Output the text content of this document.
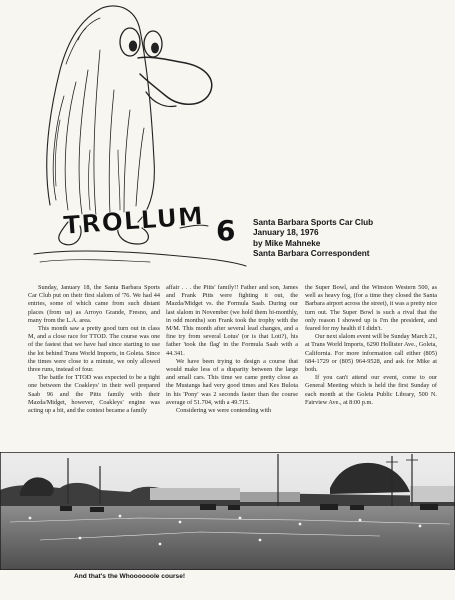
TROLLUM 6 Santa Barbara Sports Car Club
January 18, 1976
by Mike Mahneke
Santa Barbara Correspondent

Sunday, January 18, the Santa Barbara Sports Car Club put on their first slalom of '76. We had 44 entries, some of which came from such distant places (from us) as Arroyo Grande, Fresno, and many from the L.A. area.

This month saw a pretty good turn out in class M, and a close race for TTOD. The course was one of the fastest that we have had since starting to use the lot behind Trans World Imports, in Goleta. Since the times were close to a minute, we only allowed three runs, instead of four.

The battle for TTOD was expected to be a tight one between the Coakleys' in their well prepared Saab 96 and the Pitts family with their Mazda/Midget, however, Coakleys' engine was acting up a bit, and the contest became a family

affair . . . the Pitts' family!! Father and son, James and Frank Pitts were fighting it out, the Mazda/Midget vs. the Formula Saab. During our last slalom in November (we hold them bi-monthly, in odd months) son Frank took the trophy with the M/M. This month after several lead changes, and a fine try from several Lotus' (or is that Loti?), his father 'took the flag' in the Formula Saab with a 44.341.

We have been trying to design a course that would make less of a disparity between the large and small cars. This time we came pretty close as the Mustangs had very good times and Kes Bulota in his 'Pony' was 2 seconds faster than the course average of 51.704, with a 49.715.

Considering we were contending with

the Super Bowl, and the Winston Western 500, as well as heavy fog, (for a time they closed the Santa Barbara airport across the street), it was a pretty nice turn out. The Super Bowl is such a rival that the only reason I showed up is I'm the president, and feared for my health if I didn't.

Our next slalom event will be Sunday March 21, at Trans World Imports, 6290 Hollister Ave., Goleta, California. For more information call either (805) 684-1729 or (805) 964-9528, and ask for Mike at both.

If you can't attend our event, come to our General Meeting which is held the first Sunday of each month at the Goleta Public Library, 500 N. Fairview Ave., at 8:00 p.m.

And that's the Whoooooole course!
